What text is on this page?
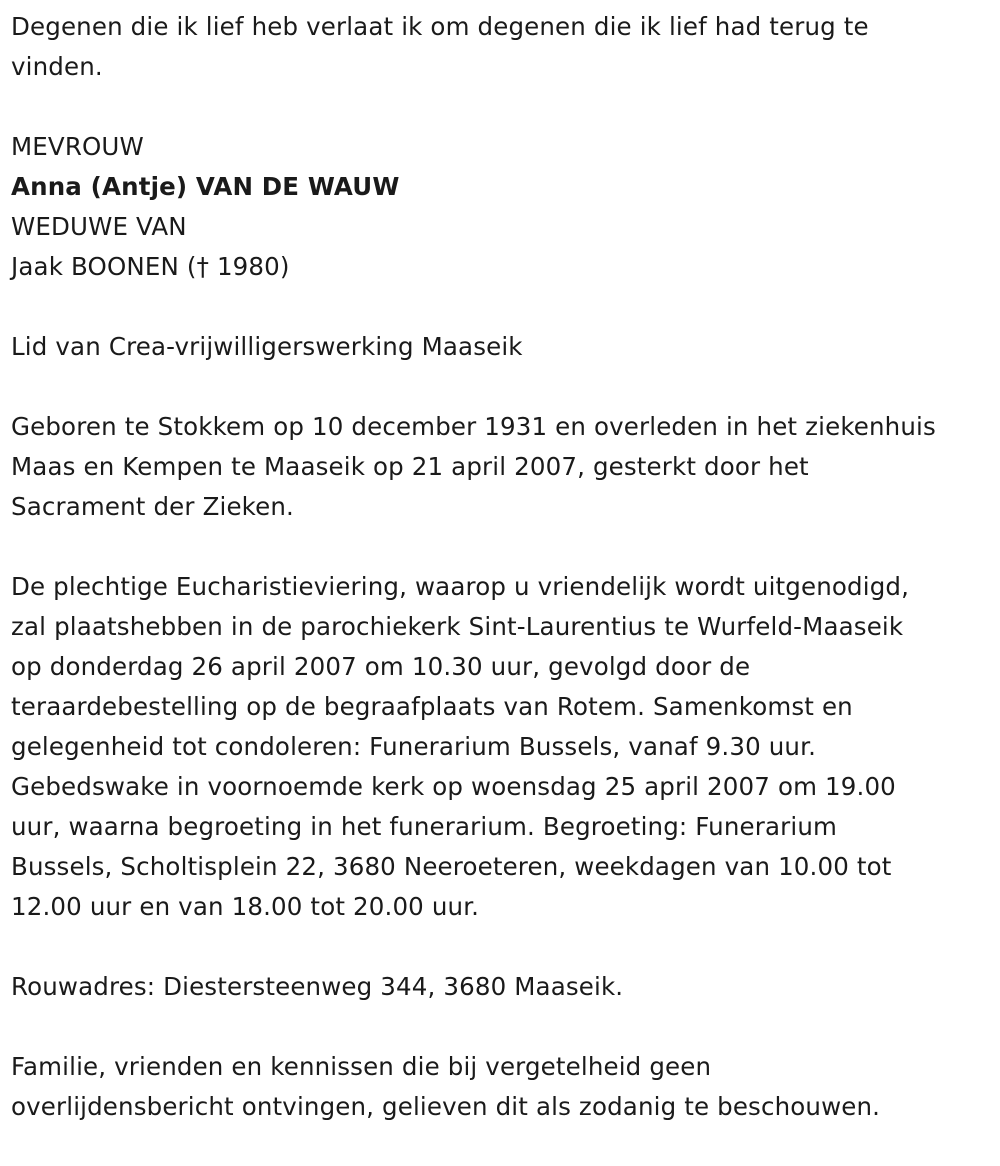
Degenen die ik lief heb verlaat ik om degenen die ik lief had terug te

vinden.

MEVROUW

Anna (Antje) VAN DE WAUW

WEDUWE VAN

Jaak BOONEN († 1980)

Lid van Crea-vrijwilligerswerking Maaseik

Geboren te Stokkem op 10 december 1931 en overleden in het ziekenhuis

Maas en Kempen te Maaseik op 21 april 2007, gesterkt door het

Sacrament der Zieken.

De plechtige Eucharistieviering, waarop u vriendelijk wordt uitgenodigd,

zal plaatshebben in de parochiekerk Sint-Laurentius te Wurfeld-Maaseik

op donderdag 26 april 2007 om 10.30 uur, gevolgd door de

teraardebestelling op de begraafplaats van Rotem. Samenkomst en

gelegenheid tot condoleren: Funerarium Bussels, vanaf 9.30 uur.

Gebedswake in voornoemde kerk op woensdag 25 april 2007 om 19.00

uur, waarna begroeting in het funerarium. Begroeting: Funerarium

Bussels, Scholtisplein 22, 3680 Neeroeteren, weekdagen van 10.00 tot

12.00 uur en van 18.00 tot 20.00 uur.

Rouwadres: Diestersteenweg 344, 3680 Maaseik.

Familie, vrienden en kennissen die bij vergetelheid geen

overlijdensbericht ontvingen, gelieven dit als zodanig te beschouwen.
